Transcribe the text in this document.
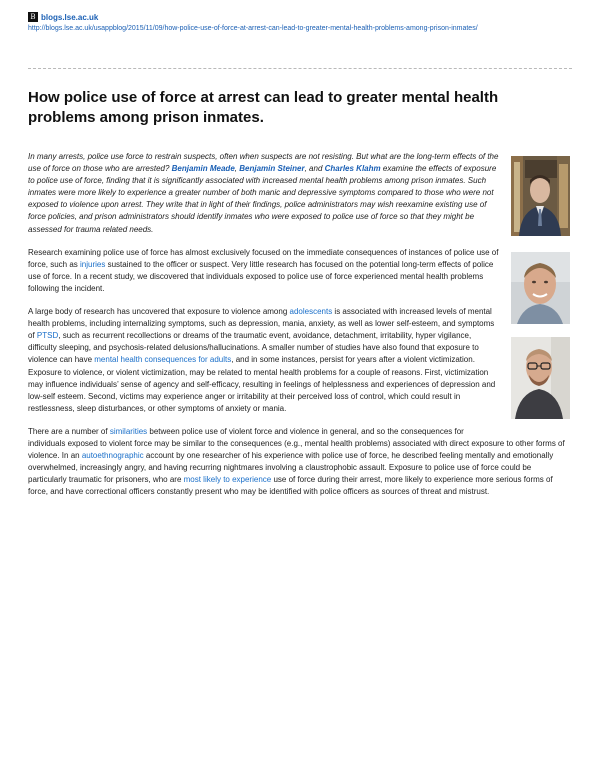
B blogs.lse.ac.uk
http://blogs.lse.ac.uk/usappblog/2015/11/09/how-police-use-of-force-at-arrest-can-lead-to-greater-mental-health-problems-among-prison-inmates/
How police use of force at arrest can lead to greater mental health problems among prison inmates.

In many arrests, police use force to restrain suspects, often when suspects are not resisting. But what are the long-term effects of the use of force on those who are arrested? Benjamin Meade, Benjamin Steiner, and Charles Klahm examine the effects of exposure to police use of force, finding that it is significantly associated with increased mental health problems among prison inmates. Such inmates were more likely to experience a greater number of both manic and depressive symptoms compared to those who were not exposed to violence upon arrest. They write that in light of their findings, police administrators may wish reexamine existing use of force policies, and prison administrators should identify inmates who were exposed to police use of force so that they might be assessed for trauma related needs.

Research examining police use of force has almost exclusively focused on the immediate consequences of instances of police use of force, such as injuries sustained to the officer or suspect. Very little research has focused on the potential long-term effects of police use of force. In a recent study, we discovered that individuals exposed to police use of force experienced mental health problems following the incident.

A large body of research has uncovered that exposure to violence among adolescents is associated with increased levels of mental health problems, including internalizing symptoms, such as depression, mania, anxiety, as well as lower self-esteem, and symptoms of PTSD, such as recurrent recollections or dreams of the traumatic event, avoidance, detachment, irritability, hyper vigilance, difficulty sleeping, and psychosis-related delusions/hallucinations. A smaller number of studies have also found that exposure to violence can have mental health consequences for adults, and in some instances, persist for years after a violent victimization. Exposure to violence, or violent victimization, may be related to mental health problems for a couple of reasons. First, victimization may influence individuals’ sense of agency and self-efficacy, resulting in feelings of helplessness and experiences of depression and low-self esteem. Second, victims may experience anger or irritability at their perceived loss of control, which could result in restlessness, sleep disturbances, or other symptoms of anxiety or mania.

There are a number of similarities between police use of violent force and violence in general, and so the consequences for individuals exposed to violent force may be similar to the consequences (e.g., mental health problems) associated with direct exposure to other forms of violence. In an autoethnographic account by one researcher of his experience with police use of force, he described feeling mentally and emotionally overwhelmed, increasingly angry, and having recurring nightmares involving a claustrophobic assault. Exposure to police use of force could be particularly traumatic for prisoners, who are most likely to experience use of force during their arrest, more likely to experience more serious forms of force, and have correctional officers constantly present who may be identified with police officers as sources of threat and mistrust.
